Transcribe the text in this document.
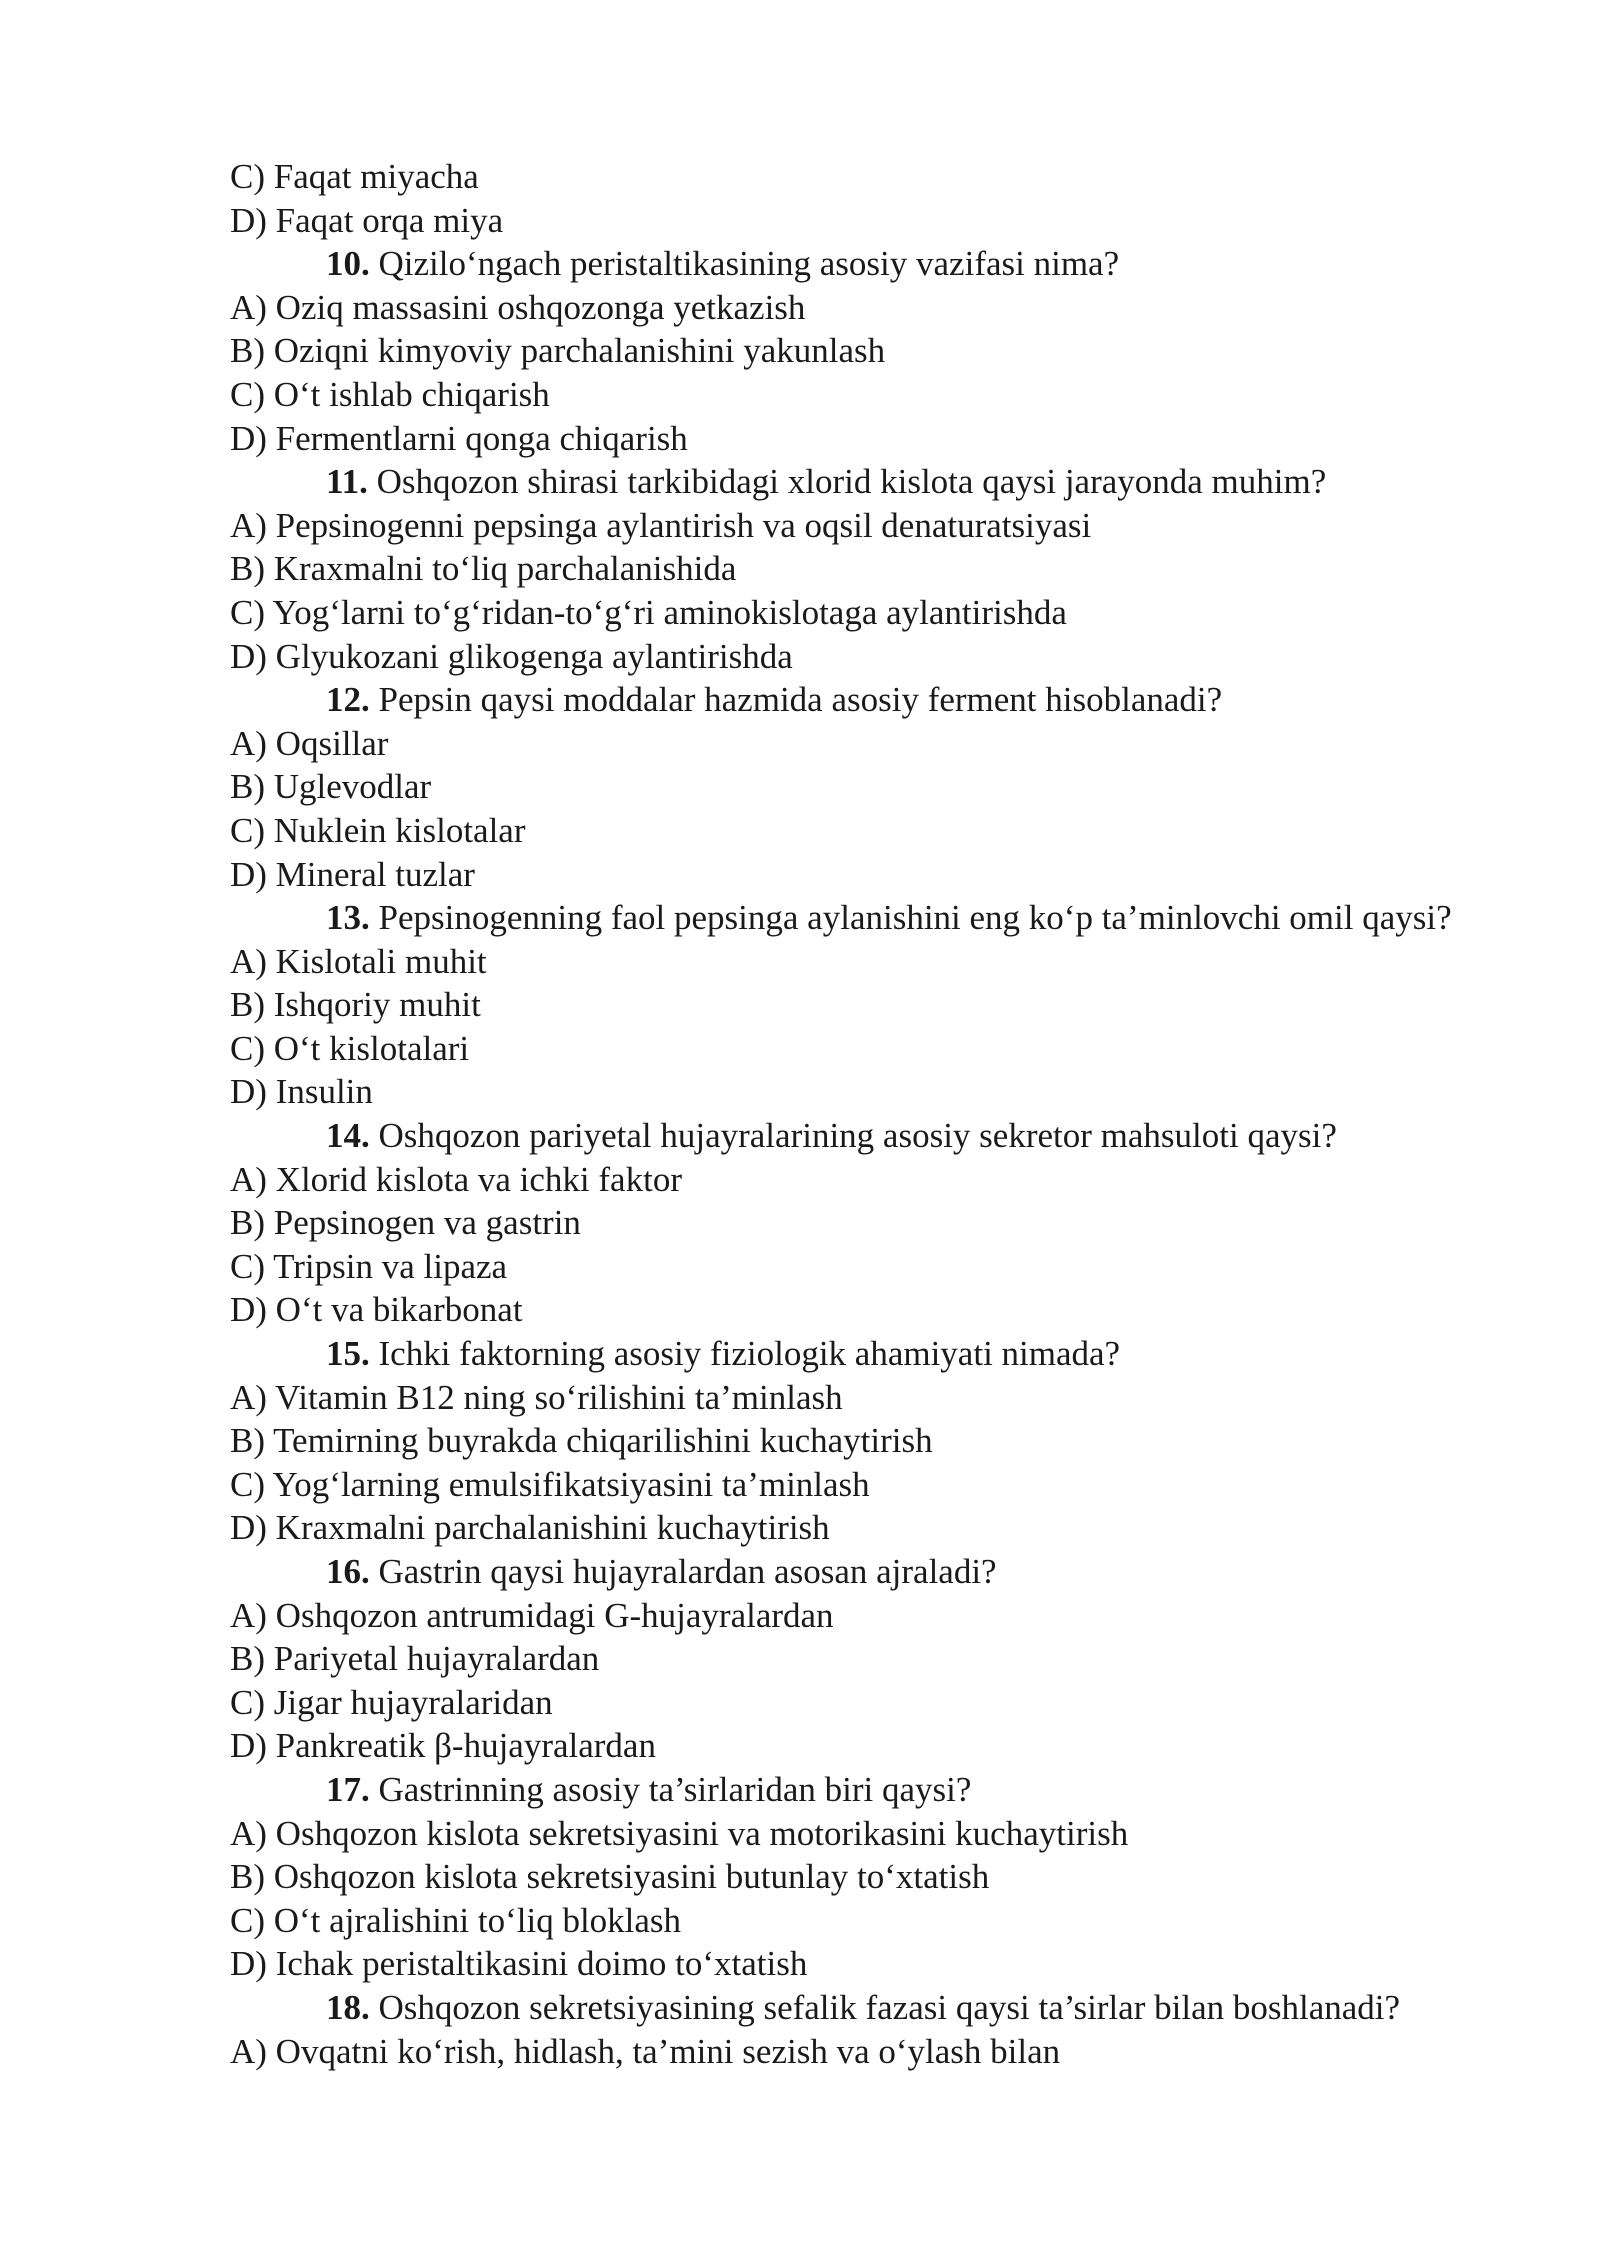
C) Faqat miyacha
D) Faqat orqa miya
10. Qizilo‘ngach peristaltikasining asosiy vazifasi nima?
A) Oziq massasini oshqozonga yetkazish
B) Oziqni kimyoviy parchalanishini yakunlash
C) O‘t ishlab chiqarish
D) Fermentlarni qonga chiqarish
11. Oshqozon shirasi tarkibidagi xlorid kislota qaysi jarayonda muhim?
A) Pepsinogenni pepsinga aylantirish va oqsil denaturatsiyasi
B) Kraxmalni to‘liq parchalanishida
C) Yog‘larni to‘g‘ridan-to‘g‘ri aminokislotaga aylantirishda
D) Glyukozani glikogenga aylantirishda
12. Pepsin qaysi moddalar hazmida asosiy ferment hisoblanadi?
A) Oqsillar
B) Uglevodlar
C) Nuklein kislotalar
D) Mineral tuzlar
13. Pepsinogenning faol pepsinga aylanishini eng ko‘p ta’minlovchi omil qaysi?
A) Kislotali muhit
B) Ishqoriy muhit
C) O‘t kislotalari
D) Insulin
14. Oshqozon pariyetal hujayralarining asosiy sekretor mahsuloti qaysi?
A) Xlorid kislota va ichki faktor
B) Pepsinogen va gastrin
C) Tripsin va lipaza
D) O‘t va bikarbonat
15. Ichki faktorning asosiy fiziologik ahamiyati nimada?
A) Vitamin B12 ning so‘rilishini ta’minlash
B) Temirning buyrakda chiqarilishini kuchaytirish
C) Yog‘larning emulsifikatsiyasini ta’minlash
D) Kraxmalni parchalanishini kuchaytirish
16. Gastrin qaysi hujayralardan asosan ajraladi?
A) Oshqozon antrumidagi G-hujayralardan
B) Pariyetal hujayralardan
C) Jigar hujayralaridan
D) Pankreatik β-hujayralardan
17. Gastrinning asosiy ta’sirlaridan biri qaysi?
A) Oshqozon kislota sekretsiyasini va motorikasini kuchaytirish
B) Oshqozon kislota sekretsiyasini butunlay to‘xtatish
C) O‘t ajralishini to‘liq bloklash
D) Ichak peristaltikasini doimo to‘xtatish
18. Oshqozon sekretsiyasining sefalik fazasi qaysi ta’sirlar bilan boshlanadi?
A) Ovqatni ko‘rish, hidlash, ta’mini sezish va o‘ylash bilan
